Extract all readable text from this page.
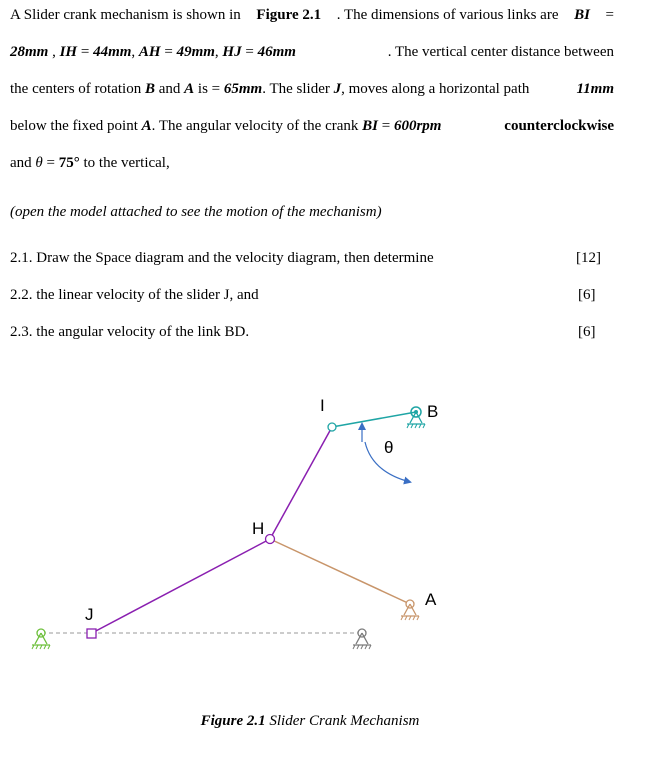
A Slider crank mechanism is shown in Figure 2.1 . The dimensions of various links are BI =
28mm , IH = 44mm, AH = 49mm, HJ = 46mm	. The vertical center distance between
the centers of rotation B and A is = 65mm. The slider J, moves along a horizontal path	11mm
below the fixed point A. The angular velocity of the crank BI = 600rpm	counterclockwise
and θ = 75° to the vertical,
(open the model attached to see the motion of the mechanism)
2.1. Draw the Space diagram and the velocity diagram, then determine	[12]
2.2. the linear velocity of the slider J, and	[6]
2.3. the angular velocity of the link BD.	[6]
I	B
θ
H
A
J
Figure 2.1 Slider Crank Mechanism
